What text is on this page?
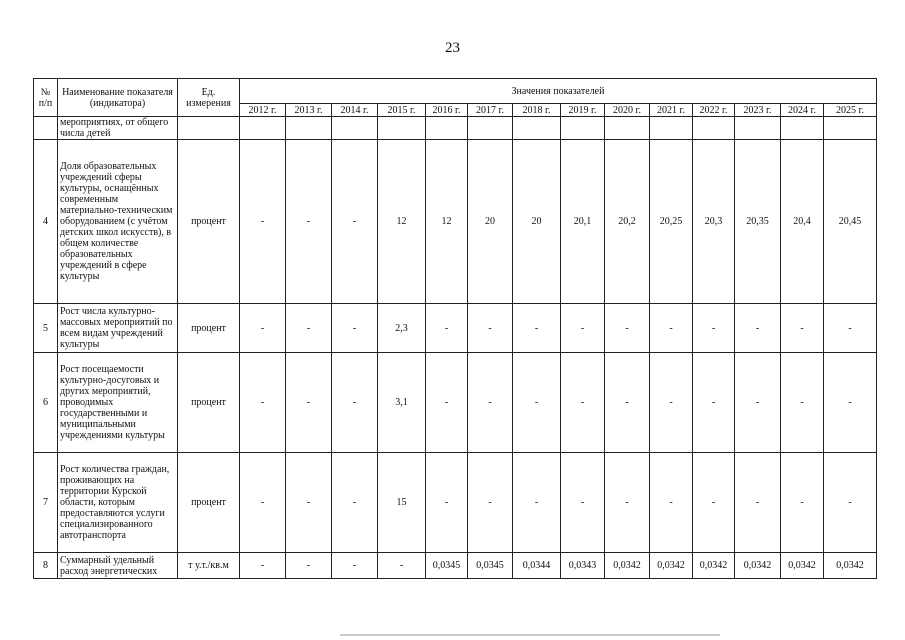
23
№ п/п	Наименование показателя (индикатора)	Ед. измерения	Значения показателей													
			2012 г.	2013 г.	2014 г.	2015 г.	2016 г.	2017 г.	2018 г.	2019 г.	2020 г.	2021 г.	2022 г.	2023 г.	2024 г.	2025 г.
	мероприятиях, от общего числа детей															
4	Доля образовательных учреждений сферы культуры, оснащённых современным материально-техническим оборудованием (с учётом детских школ искусств), в общем количестве образовательных учреждений в сфере культуры	процент	-	-	-	12	12	20	20	20,1	20,2	20,25	20,3	20,35	20,4	20,45
5	Рост числа культурно-массовых мероприятий по всем видам учреждений культуры	процент	-	-	-	2,3	-	-	-	-	-	-	-	-	-	-
6	Рост посещаемости культурно-досуговых и других мероприятий, проводимых государственными и муниципальными учреждениями культуры	процент	-	-	-	3,1	-	-	-	-	-	-	-	-	-	-
7	Рост количества граждан, проживающих на территории Курской области, которым предоставляются услуги специализированного автотранспорта	процент	-	-	-	15	-	-	-	-	-	-	-	-	-	-
8	Суммарный удельный расход энергетических	т у.т./кв.м	-	-	-	-	0,0345	0,0345	0,0344	0,0343	0,0342	0,0342	0,0342	0,0342	0,0342	0,0342
